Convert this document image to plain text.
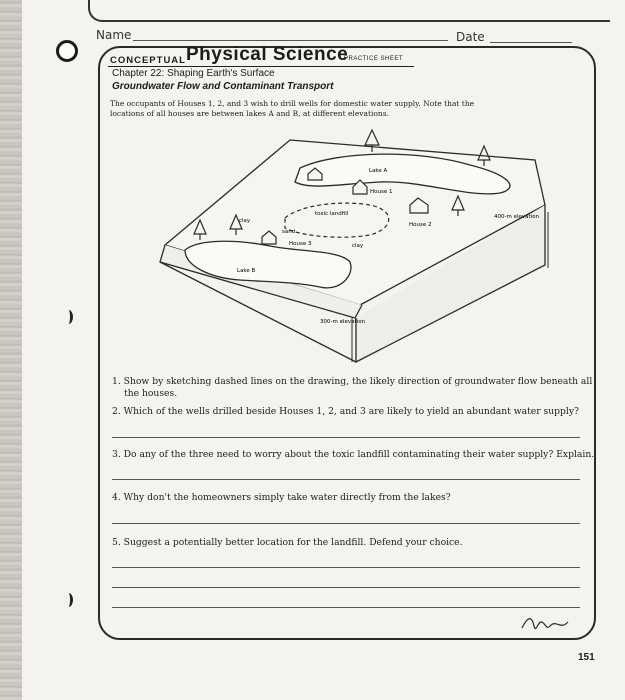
Name	Date
CONCEPTUAL Physical Science
PRACTICE SHEET
Chapter 22: Shaping Earth's Surface
Groundwater Flow and Contaminant Transport
The occupants of Houses 1, 2, and 3 wish to drill wells for domestic water supply. Note that the
locations of all houses are between lakes A and B, at different elevations.
Lake A
Lake B
House 1
House 2
House 3
toxic landfill
clay
clay
sand
400-m elevation
300-m elevation
1. Show by sketching dashed lines on the drawing, the likely direction of groundwater flow beneath all
the houses.
2. Which of the wells drilled beside Houses 1, 2, and 3 are likely to yield an abundant water supply?
3. Do any of the three need to worry about the toxic landfill contaminating their water supply? Explain.
4. Why don't the homeowners simply take water directly from the lakes?
5. Suggest a potentially better location for the landfill. Defend your choice.
151
